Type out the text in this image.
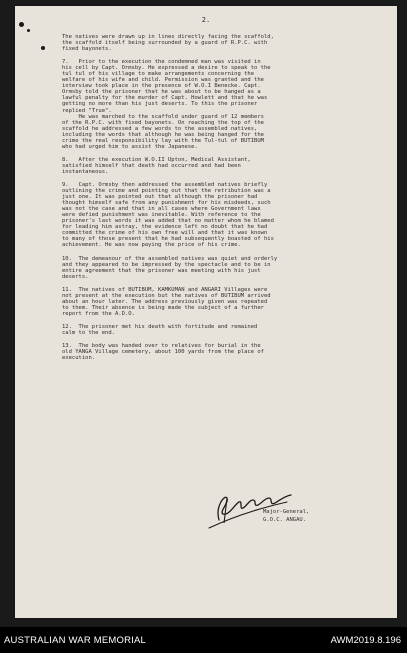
2.

The natives were drawn up in lines directly facing the scaffold,
the scaffold itself being surrounded by a guard of R.P.C. with
fixed bayonets.

7.   Prior to the execution the condemned man was visited in
his cell by Capt. Ormsby. He expressed a desire to speak to the
tul tul of his village to make arrangements concerning the
welfare of his wife and child. Permission was granted and the
interview took place in the presence of W.O.I Benecke. Capt.
Ormsby told the prisoner that he was about to be hanged as a
lawful penalty for the murder of Capt. Howlett and that he was
getting no more than his just deserts. To this the prisoner
replied "True".
He was marched to the scaffold under guard of 12 members
of the R.P.C. with fixed bayonets. On reaching the top of the
scaffold he addressed a few words to the assembled natives,
including the words that although he was being hanged for the
crime the real responsibility lay with the Tul-tul of BUTIBUM
who had urged him to assist the Japanese.

8.   After the execution W.O.II Upton, Medical Assistant,
satisfied himself that death had occurred and had been
instantaneous.

9.   Capt. Ormsby then addressed the assembled natives briefly
outlining the crime and pointing out that the retribution was a
just one. It was pointed out that although the prisoner had
thought himself safe from any punishment for his misdeeds, such
was not the case and that in all cases where Government laws
were defied punishment was inevitable. With reference to the
prisoner's last words it was added that no matter whom he blamed
for leading him astray, the evidence left no doubt that he had
committed the crime of his own free will and that it was known
to many of those present that he had subsequently boasted of his
achievement. He was now paying the price of his crime.

10.  The demeanour of the assembled natives was quiet and orderly
and they appeared to be impressed by the spectacle and to be in
entire agreement that the prisoner was meeting with his just
deserts.

11.  The natives of BUTIBUM, KAMKUMAN and ANGARI Villages were
not present at the execution but the natives of BUTIBUM arrived
about an hour later. The address previously given was repeated
to them. Their absence is being made the subject of a further
report from the A.D.O.

12.  The prisoner met his death with fortitude and remained
calm to the end.

13.  The body was handed over to relatives for burial in the
old YANGA Village cemetery, about 100 yards from the place of
execution.

Major-General,
G.O.C. ANGAU.
AUSTRALIAN WAR MEMORIAL	AWM2019.8.196
